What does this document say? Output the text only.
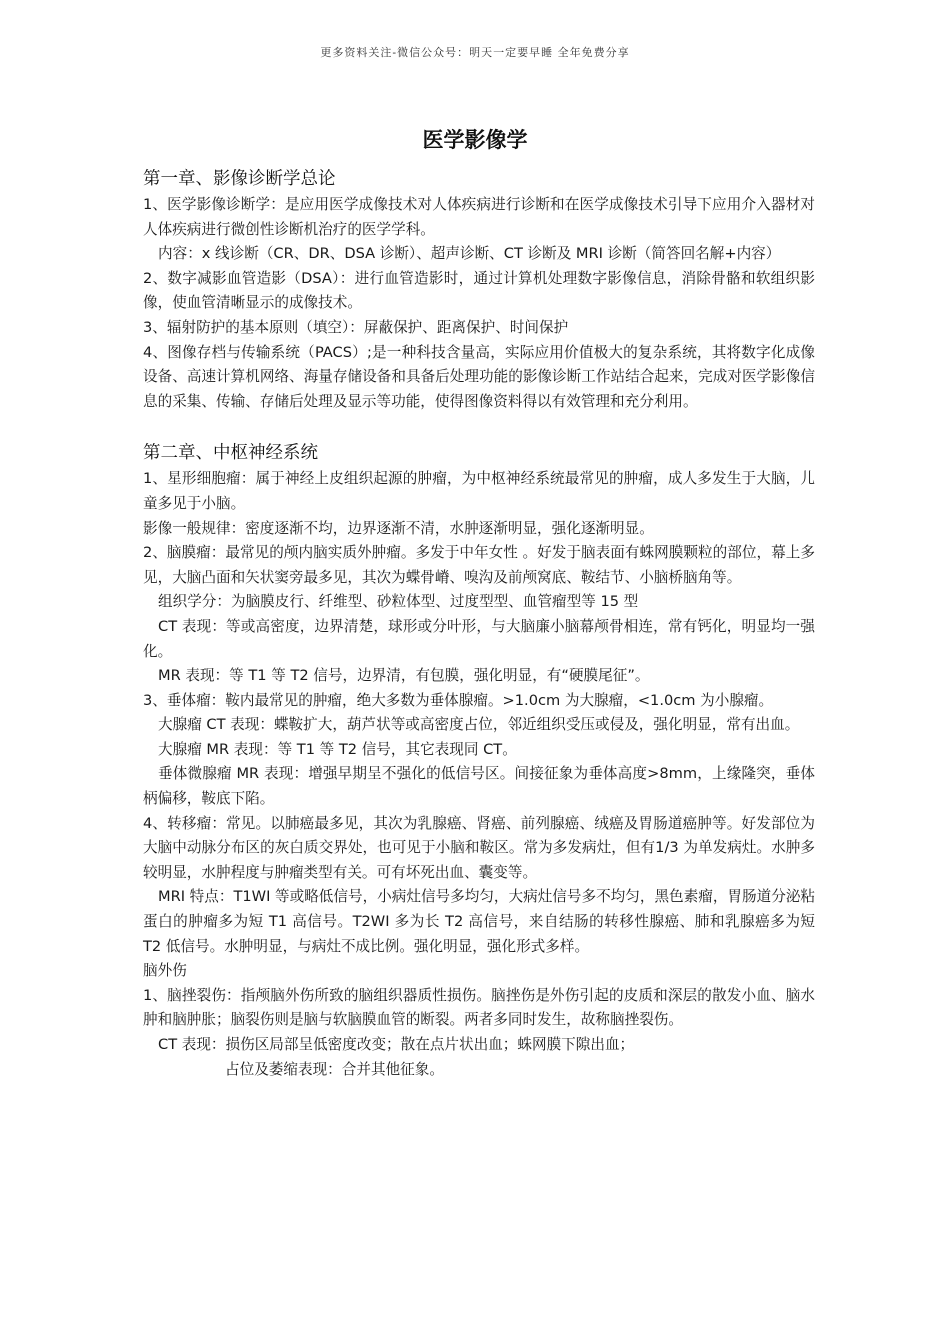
更多资料关注-微信公众号：明天一定要早睡 全年免费分享
医学影像学

第一章、影像诊断学总论

1、医学影像诊断学：是应用医学成像技术对人体疾病进行诊断和在医学成像技术引导下应用介入器材对人体疾病进行微创性诊断机治疗的医学学科。

内容：x 线诊断（CR、DR、DSA 诊断）、超声诊断、CT 诊断及 MRI 诊断（简答回名解+内容）

2、数字减影血管造影（DSA）：进行血管造影时，通过计算机处理数字影像信息，消除骨骼和软组织影像，使血管清晰显示的成像技术。

3、辐射防护的基本原则（填空）：屏蔽保护、距离保护、时间保护

4、图像存档与传输系统（PACS）;是一种科技含量高，实际应用价值极大的复杂系统，其将数字化成像设备、高速计算机网络、海量存储设备和具备后处理功能的影像诊断工作站结合起来，完成对医学影像信息的采集、传输、存储后处理及显示等功能，使得图像资料得以有效管理和充分利用。

第二章、中枢神经系统

1、星形细胞瘤：属于神经上皮组织起源的肿瘤，为中枢神经系统最常见的肿瘤，成人多发生于大脑，儿童多见于小脑。

影像一般规律：密度逐渐不均，边界逐渐不清，水肿逐渐明显，强化逐渐明显。

2、脑膜瘤：最常见的颅内脑实质外肿瘤。多发于中年女性 。好发于脑表面有蛛网膜颗粒的部位，幕上多见，大脑凸面和矢状窦旁最多见，其次为蝶骨嵴、嗅沟及前颅窝底、鞍结节、小脑桥脑角等。

组织学分：为脑膜皮行、纤维型、砂粒体型、过度型型、血管瘤型等 15 型

CT 表现：等或高密度，边界清楚，球形或分叶形，与大脑廉小脑幕颅骨相连，常有钙化，明显均一强化。

MR 表现：等 T1 等 T2 信号，边界清，有包膜，强化明显，有“硬膜尾征”。

3、垂体瘤：鞍内最常见的肿瘤，绝大多数为垂体腺瘤。>1.0cm 为大腺瘤，<1.0cm 为小腺瘤。

大腺瘤 CT 表现：蝶鞍扩大，葫芦状等或高密度占位，邻近组织受压或侵及，强化明显，常有出血。

大腺瘤 MR 表现：等 T1 等 T2 信号，其它表现同 CT。

垂体微腺瘤 MR 表现：增强早期呈不强化的低信号区。间接征象为垂体高度>8mm，上缘隆突，垂体柄偏移，鞍底下陷。

4、转移瘤：常见。以肺癌最多见，其次为乳腺癌、肾癌、前列腺癌、绒癌及胃肠道癌肿等。好发部位为大脑中动脉分布区的灰白质交界处，也可见于小脑和鞍区。常为多发病灶，但有1/3 为单发病灶。水肿多较明显，水肿程度与肿瘤类型有关。可有坏死出血、囊变等。

MRI 特点：T1WI 等或略低信号，小病灶信号多均匀，大病灶信号多不均匀，黑色素瘤，胃肠道分泌粘蛋白的肿瘤多为短 T1 高信号。T2WI 多为长 T2 高信号，来自结肠的转移性腺癌、肺和乳腺癌多为短 T2 低信号。水肿明显，与病灶不成比例。强化明显，强化形式多样。

脑外伤

1、脑挫裂伤：指颅脑外伤所致的脑组织器质性损伤。脑挫伤是外伤引起的皮质和深层的散发小血、脑水肿和脑肿胀；脑裂伤则是脑与软脑膜血管的断裂。两者多同时发生，故称脑挫裂伤。

CT 表现：损伤区局部呈低密度改变；散在点片状出血；蛛网膜下隙出血；

占位及萎缩表现：合并其他征象。
